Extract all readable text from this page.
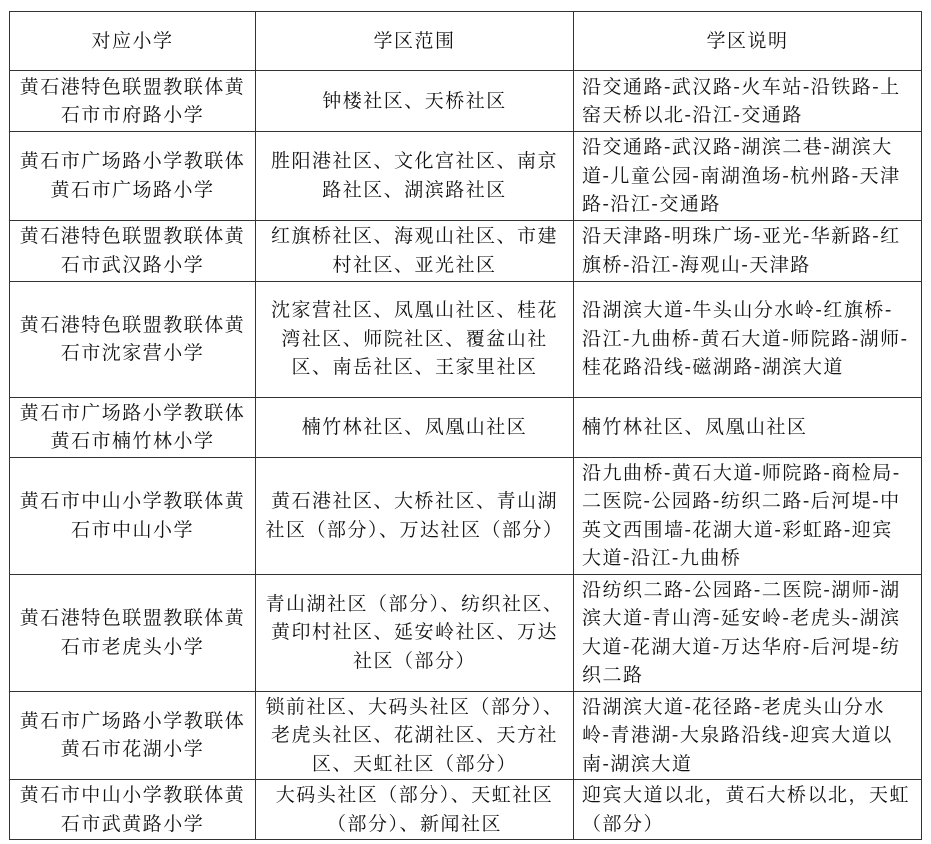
对应小学	学区范围	学区说明
黄石港特色联盟教联体黄石市市府路小学	钟楼社区、天桥社区	沿交通路-武汉路-火车站-沿铁路-上窑天桥以北-沿江-交通路
黄石市广场路小学教联体黄石市广场路小学	胜阳港社区、文化宫社区、南京路社区、湖滨路社区	沿交通路-武汉路-湖滨二巷-湖滨大道-儿童公园-南湖渔场-杭州路-天津路-沿江-交通路
黄石港特色联盟教联体黄石市武汉路小学	红旗桥社区、海观山社区、市建村社区、亚光社区	沿天津路-明珠广场-亚光-华新路-红旗桥-沿江-海观山-天津路
黄石港特色联盟教联体黄石市沈家营小学	沈家营社区、凤凰山社区、桂花湾社区、师院社区、覆盆山社区、南岳社区、王家里社区	沿湖滨大道-牛头山分水岭-红旗桥-沿江-九曲桥-黄石大道-师院路-湖师-桂花路沿线-磁湖路-湖滨大道
黄石市广场路小学教联体黄石市楠竹林小学	楠竹林社区、凤凰山社区	楠竹林社区、凤凰山社区
黄石市中山小学教联体黄石市中山小学	黄石港社区、大桥社区、青山湖社区（部分）、万达社区（部分）	沿九曲桥-黄石大道-师院路-商检局-二医院-公园路-纺织二路-后河堤-中英文西围墙-花湖大道-彩虹路-迎宾大道-沿江-九曲桥
黄石港特色联盟教联体黄石市老虎头小学	青山湖社区（部分）、纺织社区、黄印村社区、延安岭社区、万达社区（部分）	沿纺织二路-公园路-二医院-湖师-湖滨大道-青山湾-延安岭-老虎头-湖滨大道-花湖大道-万达华府-后河堤-纺织二路
黄石市广场路小学教联体黄石市花湖小学	锁前社区、大码头社区（部分）、老虎头社区、花湖社区、天方社区、天虹社区（部分）	沿湖滨大道-花径路-老虎头山分水岭-青港湖-大泉路沿线-迎宾大道以南-湖滨大道
黄石市中山小学教联体黄石市武黄路小学	大码头社区（部分）、天虹社区（部分）、新闻社区	迎宾大道以北，黄石大桥以北，天虹（部分）
